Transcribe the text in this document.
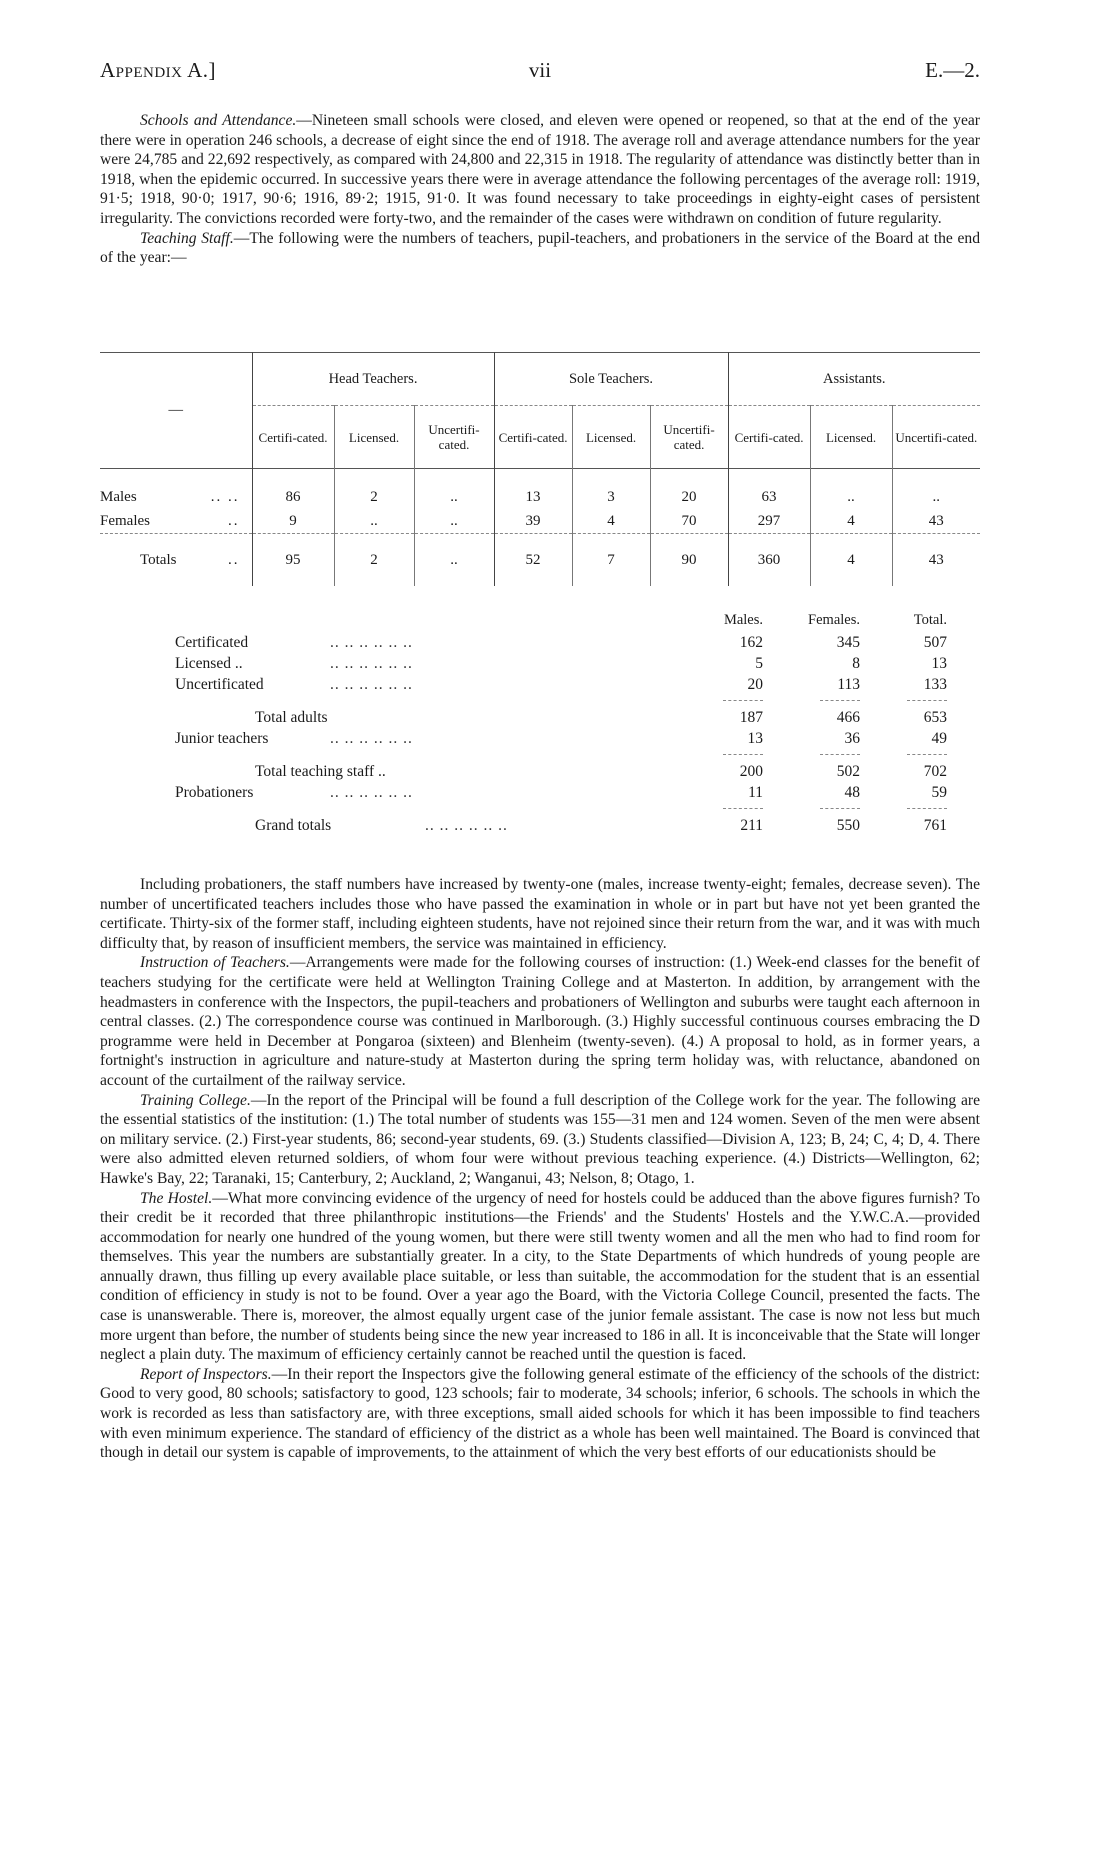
Appendix A.]	vii	E.—2.

Schools and Attendance.—Nineteen small schools were closed, and eleven were opened or reopened, so that at the end of the year there were in operation 246 schools, a decrease of eight since the end of 1918. The average roll and average attendance numbers for the year were 24,785 and 22,692 respectively, as compared with 24,800 and 22,315 in 1918. The regularity of attendance was distinctly better than in 1918, when the epidemic occurred. In successive years there were in average attendance the following percentages of the average roll: 1919, 91·5; 1918, 90·0; 1917, 90·6; 1916, 89·2; 1915, 91·0. It was found necessary to take proceedings in eighty-eight cases of persistent irregularity. The convictions recorded were forty-two, and the remainder of the cases were withdrawn on condition of future regularity.

Teaching Staff.—The following were the numbers of teachers, pupil-teachers, and probationers in the service of the Board at the end of the year:—

—	Head Teachers.			Sole Teachers.			Assistants.		
	Certifi-cated.	Licensed.	Uncertifi-cated.	Certifi-cated.	Licensed.	Uncertifi-cated.	Certifi-cated.	Licensed.	Uncertifi-cated.
Males .. ..	86	2	..	13	3	20	63	..	..
Females ..	9	..	..	39	4	70	297	4	43
Totals ..	95	2	..	52	7	90	360	4	43
Males.	Females.	Total.
Certificated	.. .. .. .. .. ..	162	345	507
Licensed ..	.. .. .. .. .. ..	5	8	13
Uncertificated	.. .. .. .. .. ..	20	113	133
Total adults	187	466	653
Junior teachers	.. .. .. .. .. ..	13	36	49
Total teaching staff ..	200	502	702
Probationers	.. .. .. .. .. ..	11	48	59
Grand totals	.. .. .. .. .. ..	211	550	761

Including probationers, the staff numbers have increased by twenty-one (males, increase twenty-eight; females, decrease seven). The number of uncertificated teachers includes those who have passed the examination in whole or in part but have not yet been granted the certificate. Thirty-six of the former staff, including eighteen students, have not rejoined since their return from the war, and it was with much difficulty that, by reason of insufficient members, the service was maintained in efficiency.

Instruction of Teachers.—Arrangements were made for the following courses of instruction: (1.) Week-end classes for the benefit of teachers studying for the certificate were held at Wellington Training College and at Masterton. In addition, by arrangement with the headmasters in conference with the Inspectors, the pupil-teachers and probationers of Wellington and suburbs were taught each afternoon in central classes. (2.) The correspondence course was continued in Marlborough. (3.) Highly successful continuous courses embracing the D programme were held in December at Pongaroa (sixteen) and Blenheim (twenty-seven). (4.) A proposal to hold, as in former years, a fortnight's instruction in agriculture and nature-study at Masterton during the spring term holiday was, with reluctance, abandoned on account of the curtailment of the railway service.

Training College.—In the report of the Principal will be found a full description of the College work for the year. The following are the essential statistics of the institution: (1.) The total number of students was 155—31 men and 124 women. Seven of the men were absent on military service. (2.) First-year students, 86; second-year students, 69. (3.) Students classified—Division A, 123; B, 24; C, 4; D, 4. There were also admitted eleven returned soldiers, of whom four were without previous teaching experience. (4.) Districts—Wellington, 62; Hawke's Bay, 22; Taranaki, 15; Canterbury, 2; Auckland, 2; Wanganui, 43; Nelson, 8; Otago, 1.

The Hostel.—What more convincing evidence of the urgency of need for hostels could be adduced than the above figures furnish? To their credit be it recorded that three philanthropic institutions—the Friends' and the Students' Hostels and the Y.W.C.A.—provided accommodation for nearly one hundred of the young women, but there were still twenty women and all the men who had to find room for themselves. This year the numbers are substantially greater. In a city, to the State Departments of which hundreds of young people are annually drawn, thus filling up every available place suitable, or less than suitable, the accommodation for the student that is an essential condition of efficiency in study is not to be found. Over a year ago the Board, with the Victoria College Council, presented the facts. The case is unanswerable. There is, moreover, the almost equally urgent case of the junior female assistant. The case is now not less but much more urgent than before, the number of students being since the new year increased to 186 in all. It is inconceivable that the State will longer neglect a plain duty. The maximum of efficiency certainly cannot be reached until the question is faced.

Report of Inspectors.—In their report the Inspectors give the following general estimate of the efficiency of the schools of the district: Good to very good, 80 schools; satisfactory to good, 123 schools; fair to moderate, 34 schools; inferior, 6 schools. The schools in which the work is recorded as less than satisfactory are, with three exceptions, small aided schools for which it has been impossible to find teachers with even minimum experience. The standard of efficiency of the district as a whole has been well maintained. The Board is convinced that though in detail our system is capable of improvements, to the attainment of which the very best efforts of our educationists should be
